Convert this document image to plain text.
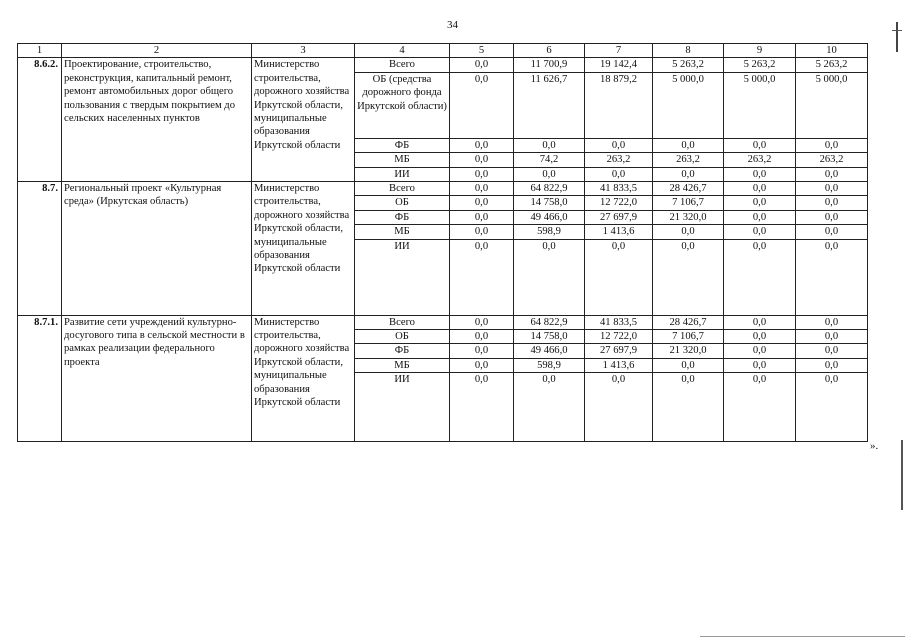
34
1	2	3	4	5	6	7	8	9	10
8.6.2.	Проектирование, строительство, реконструкция, капитальный ремонт, ремонт автомобильных дорог общего пользования с твердым покрытием до сельских населенных пунктов	Министерство строительства, дорожного хозяйства Иркутской области, муниципальные образования Иркутской области	Всего	0,0	11 700,9	19 142,4	5 263,2	5 263,2	5 263,2
			ОБ (средства дорожного фонда Иркутской области)	0,0	11 626,7	18 879,2	5 000,0	5 000,0	5 000,0
			ФБ	0,0	0,0	0,0	0,0	0,0	0,0
			МБ	0,0	74,2	263,2	263,2	263,2	263,2
			ИИ	0,0	0,0	0,0	0,0	0,0	0,0
8.7.	Региональный проект «Культурная среда» (Иркутская область)	Министерство строительства, дорожного хозяйства Иркутской области, муниципальные образования Иркутской области	Всего	0,0	64 822,9	41 833,5	28 426,7	0,0	0,0
			ОБ	0,0	14 758,0	12 722,0	7 106,7	0,0	0,0
			ФБ	0,0	49 466,0	27 697,9	21 320,0	0,0	0,0
			МБ	0,0	598,9	1 413,6	0,0	0,0	0,0
			ИИ	0,0	0,0	0,0	0,0	0,0	0,0
8.7.1.	Развитие сети учреждений культурно-досугового типа в сельской местности в рамках реализации федерального проекта	Министерство строительства, дорожного хозяйства Иркутской области, муниципальные образования Иркутской области	Всего	0,0	64 822,9	41 833,5	28 426,7	0,0	0,0
			ОБ	0,0	14 758,0	12 722,0	7 106,7	0,0	0,0
			ФБ	0,0	49 466,0	27 697,9	21 320,0	0,0	0,0
			МБ	0,0	598,9	1 413,6	0,0	0,0	0,0
			ИИ	0,0	0,0	0,0	0,0	0,0	0,0
».
